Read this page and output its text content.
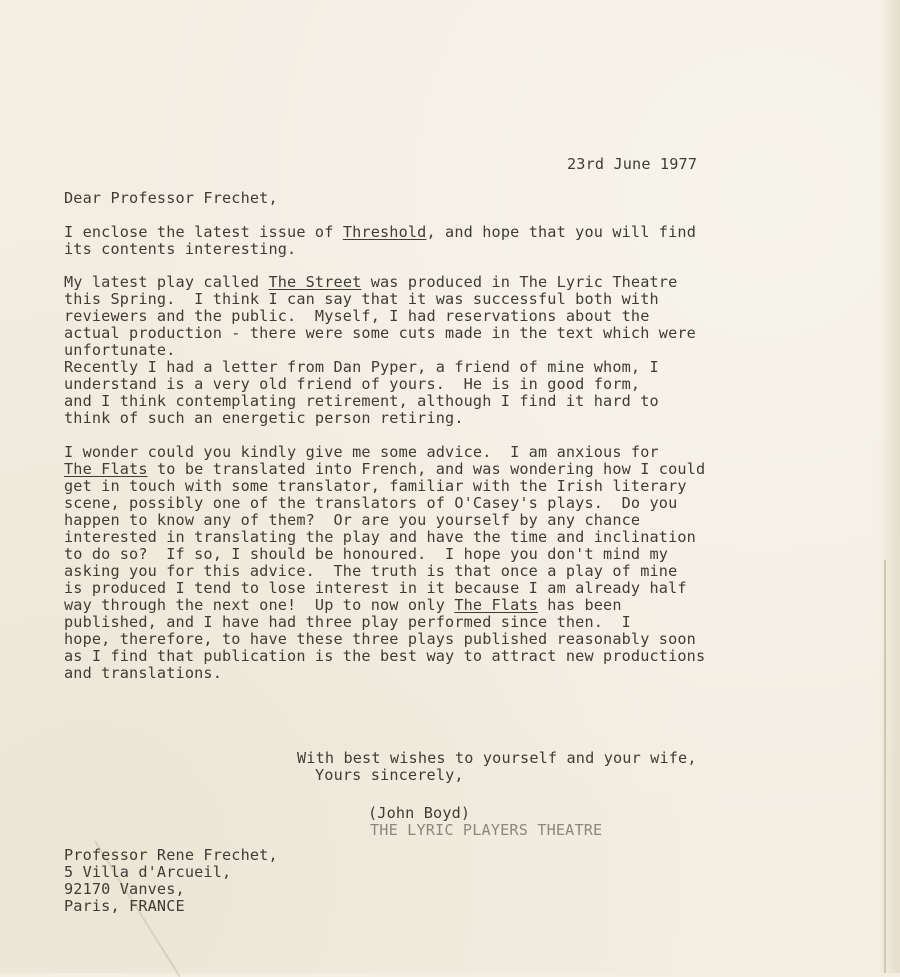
23rd June 1977
Dear Professor Frechet,
I enclose the latest issue of Threshold, and hope that you will find
its contents interesting.
My latest play called The Street was produced in The Lyric Theatre
this Spring.  I think I can say that it was successful both with
reviewers and the public.  Myself, I had reservations about the
actual production - there were some cuts made in the text which were
unfortunate.
Recently I had a letter from Dan Pyper, a friend of mine whom, I
understand is a very old friend of yours.  He is in good form,
and I think contemplating retirement, although I find it hard to
think of such an energetic person retiring.
I wonder could you kindly give me some advice.  I am anxious for
The Flats to be translated into French, and was wondering how I could
get in touch with some translator, familiar with the Irish literary
scene, possibly one of the translators of O'Casey's plays.  Do you
happen to know any of them?  Or are you yourself by any chance
interested in translating the play and have the time and inclination
to do so?  If so, I should be honoured.  I hope you don't mind my
asking you for this advice.  The truth is that once a play of mine
is produced I tend to lose interest in it because I am already half
way through the next one!  Up to now only The Flats has been
published, and I have had three play performed since then.  I
hope, therefore, to have these three plays published reasonably soon
as I find that publication is the best way to attract new productions
and translations.
With best wishes to yourself and your wife,
Yours sincerely,
(John Boyd)
THE LYRIC PLAYERS THEATRE
Professor Rene Frechet,
5 Villa d'Arcueil,
92170 Vanves,
Paris, FRANCE
